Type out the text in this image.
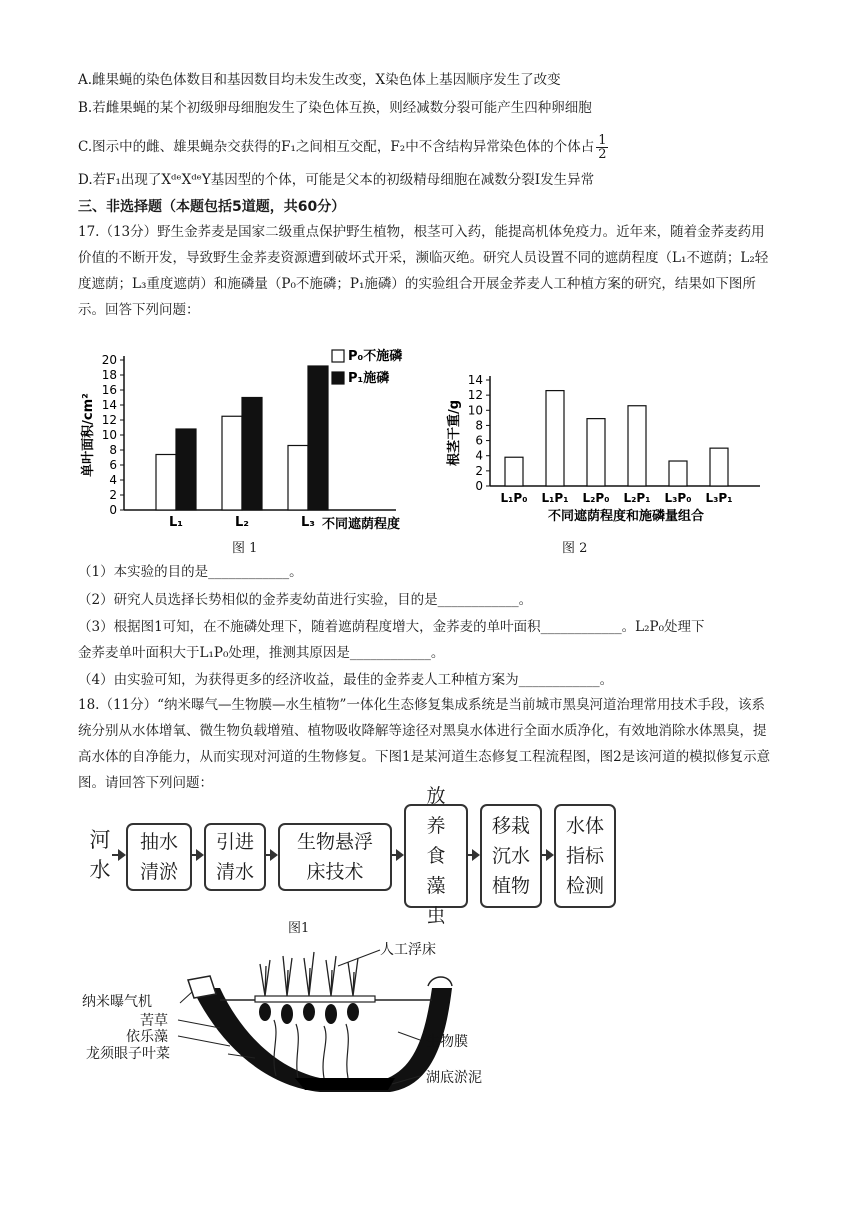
A.雌果蝇的染色体数目和基因数目均未发生改变，X染色体上基因顺序发生了改变
B.若雌果蝇的某个初级卵母细胞发生了染色体互换，则经减数分裂可能产生四种卵细胞
C.图示中的雌、雄果蝇杂交获得的F₁之间相互交配，F₂中不含结构异常染色体的个体占 $\frac{1}{2}$
D.若F₁出现了XᵈᵉXᵈᵉY基因型的个体，可能是父本的初级精母细胞在减数分裂Ⅰ发生异常
三、非选择题（本题包括5道题，共60分）
17.（13分）野生金荞麦是国家二级重点保护野生植物，根茎可入药，能提高机体免疫力。近年来，随着金荞麦药用价值的不断开发，导致野生金荞麦资源遭到破坏式开采，濒临灭绝。研究人员设置不同的遮荫程度（L₁不遮荫；L₂轻度遮荫；L₃重度遮荫）和施磷量（P₀不施磷；P₁施磷）的实验组合开展金荞麦人工种植方案的研究，结果如下图所示。回答下列问题：
0
2
4
6
8
10
12
14
16
18
20
单叶面积/cm²
L₁	L₂	L₃ 不同遮荫程度
P₀不施磷
P₁施磷
0
2
4
6
8
10
12
14
根茎干重/g
L₁P₀ L₁P₁ L₂P₀ L₂P₁ L₃P₀ L₃P₁
不同遮荫程度和施磷量组合
图 1	图 2
（1）本实验的目的是____________。
（2）研究人员选择长势相似的金荞麦幼苗进行实验，目的是____________。
（3）根据图1可知，在不施磷处理下，随着遮荫程度增大，金荞麦的单叶面积____________。L₂P₀处理下
金荞麦单叶面积大于L₁P₀处理，推测其原因是____________。
（4）由实验可知，为获得更多的经济收益，最佳的金荞麦人工种植方案为____________。
18.（11分）“纳米曝气—生物膜—水生植物”一体化生态修复集成系统是当前城市黑臭河道治理常用技术手段，该系统分别从水体增氧、微生物负载增殖、植物吸收降解等途径对黑臭水体进行全面水质净化，有效地消除水体黑臭，提高水体的自净能力，从而实现对河道的生物修复。下图1是某河道生态修复工程流程图，图2是该河道的模拟修复示意图。请回答下列问题：
河水
抽水清淤
引进清水
生物悬浮床技术
放养食藻虫
移栽沉水植物
水体指标检测
图1
纳米曝气机
人工浮床
苦草
依乐藻
龙须眼子叶菜
生物膜
湖底淤泥
